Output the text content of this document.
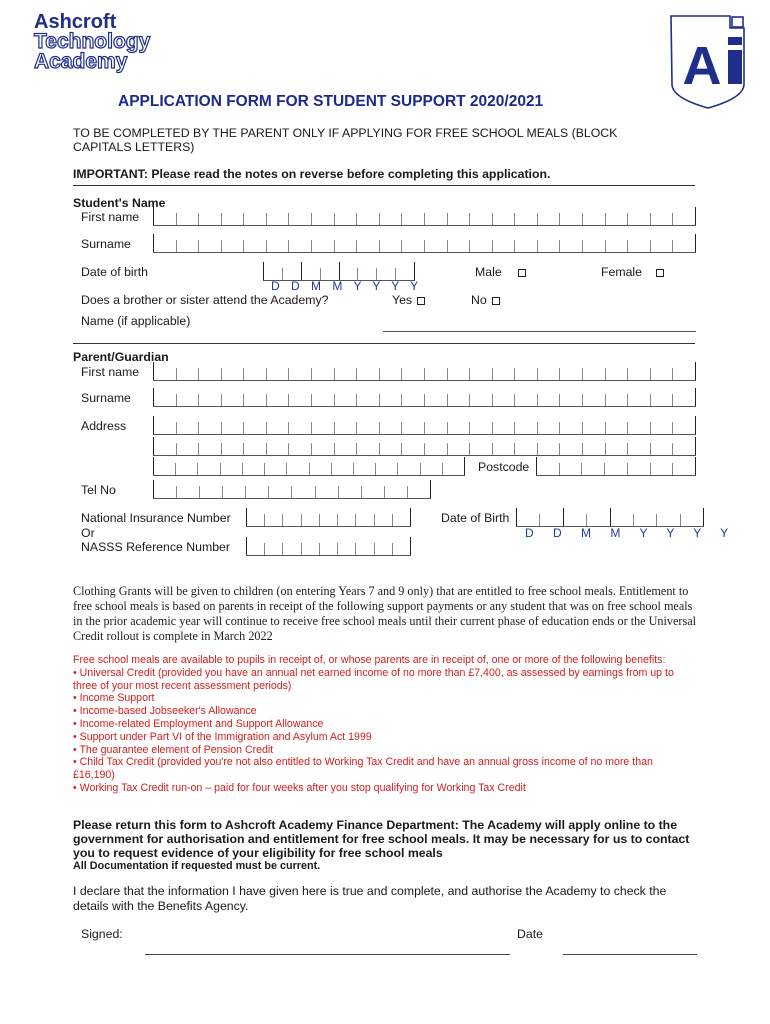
Ashcroft
Technology
Academy	A
APPLICATION FORM FOR STUDENT SUPPORT 2020/2021
TO BE COMPLETED BY THE PARENT ONLY IF APPLYING FOR FREE SCHOOL MEALS (BLOCK CAPITALS LETTERS)
IMPORTANT: Please read the notes on reverse before completing this application.
Student's Name
First name
Surname
Date of birth
D D M M Y Y Y Y
Male	Female
Does a brother or sister attend the Academy?	Yes	No
Name (if applicable)
Parent/Guardian
First name
Surname
Address
Postcode
Tel No
National Insurance Number
Or
NASSS Reference Number
Date of Birth
D D M M Y Y Y Y
Clothing Grants will be given to children (on entering Years 7 and 9 only) that are entitled to free school meals. Entitlement to free school meals is based on parents in receipt of the following support payments or any student that was on free school meals in the prior academic year will continue to receive free school meals until their current phase of education ends or the Universal Credit rollout is complete in March 2022
Free school meals are available to pupils in receipt of, or whose parents are in receipt of, one or more of the following benefits:
• Universal Credit (provided you have an annual net earned income of no more than £7,400, as assessed by earnings from up to three of your most recent assessment periods)
• Income Support
• Income-based Jobseeker's Allowance
• Income-related Employment and Support Allowance
• Support under Part VI of the Immigration and Asylum Act 1999
• The guarantee element of Pension Credit
• Child Tax Credit (provided you're not also entitled to Working Tax Credit and have an annual gross income of no more than £16,190)
• Working Tax Credit run-on – paid for four weeks after you stop qualifying for Working Tax Credit
Please return this form to Ashcroft Academy Finance Department: The Academy will apply online to the government for authorisation and entitlement for free school meals. It may be necessary for us to contact you to request evidence of your eligibility for free school meals
All Documentation if requested must be current.
I declare that the information I have given here is true and complete, and authorise the Academy to check the details with the Benefits Agency.
Signed:	Date
